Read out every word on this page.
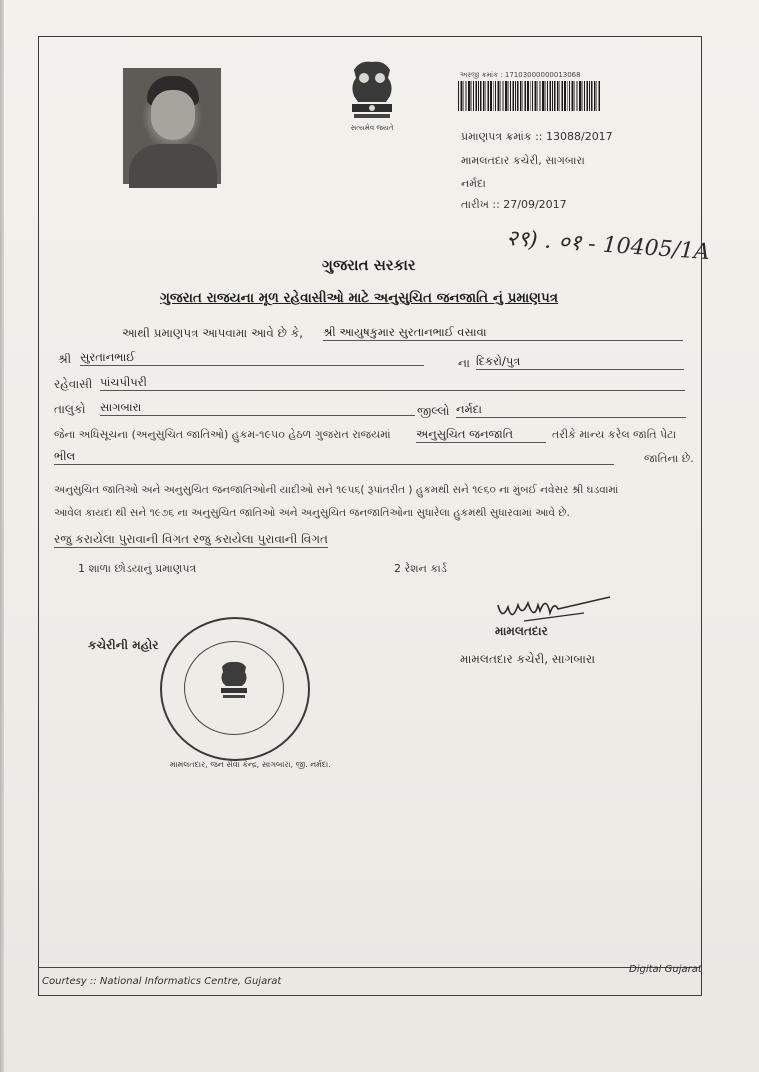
સત્યમેવ જયતે
અરજી ક્રમાંક : 17103000000013068
પ્રમાણપત્ર ક્રમાંક :: 13088/2017
મામલતદાર કચેરી, સાગબારા
નર્મદા
તારીખ :: 27/09/2017
२९) . ०१ - 10405/1A
ગુજરાત સરકાર
ગુજરાત રાજયના મૂળ રહેવાસીઓ માટે અનુસુચિત જનજાતિ નું પ્રમાણપત્ર
આથી પ્રમાણપત્ર આપવામા આવે છે કે, શ્રી આયુષકુમાર સુરતાનભાઈ વસાવા
શ્રી સુરતાનભાઈ	ના દિકરો/પુત્ર
રહેવાસી પાંચપીપરી
તાલુકો સાગબારા	જીલ્લો નર્મદા
જેના અધિસૂચના (અનુસુચિત જાતિઓ) હુકમ-૧૯૫૦ હેઠળ ગુજરાત રાજયમાં અનુસુચિત જનજાતિ	તરીકે માન્ય કરેલ જાતિ પેટા
ભીલ	જાતિના છે.
અનુસુચિત જાતિઓ અને અનુસુચિત જનજાતિઓની યાદીઓ સને ૧૯૫૬( રૂપાંતરીત ) હુકમથી સને ૧૯૬૦ ના મુંબઈ નવેસર શ્રી ઘડવામાં
આવેલ કાયદા થી સને ૧૯૭૬ ના અનુસુચિત જાતિઓ અને અનુસુચિત જનજાતિઓના સુધારેલા હુકમથી સુધારવામાં આવે છે.
રજુ કરાયેલા પુરાવાની વિગત રજુ કરાયેલા પુરાવાની વિગત
1 શાળા છોડયાનું પ્રમાણપત્ર	2 રેશન કાર્ડ
મામલતદાર
મામલતદાર કચેરી, સાગબારા
કચેરીની મહોર
મામલતદાર, જન સેવા કેન્દ્ર, સાગબારા, જી. નર્મદા.
Courtesy :: National Informatics Centre, Gujarat
Digital Gujarat
